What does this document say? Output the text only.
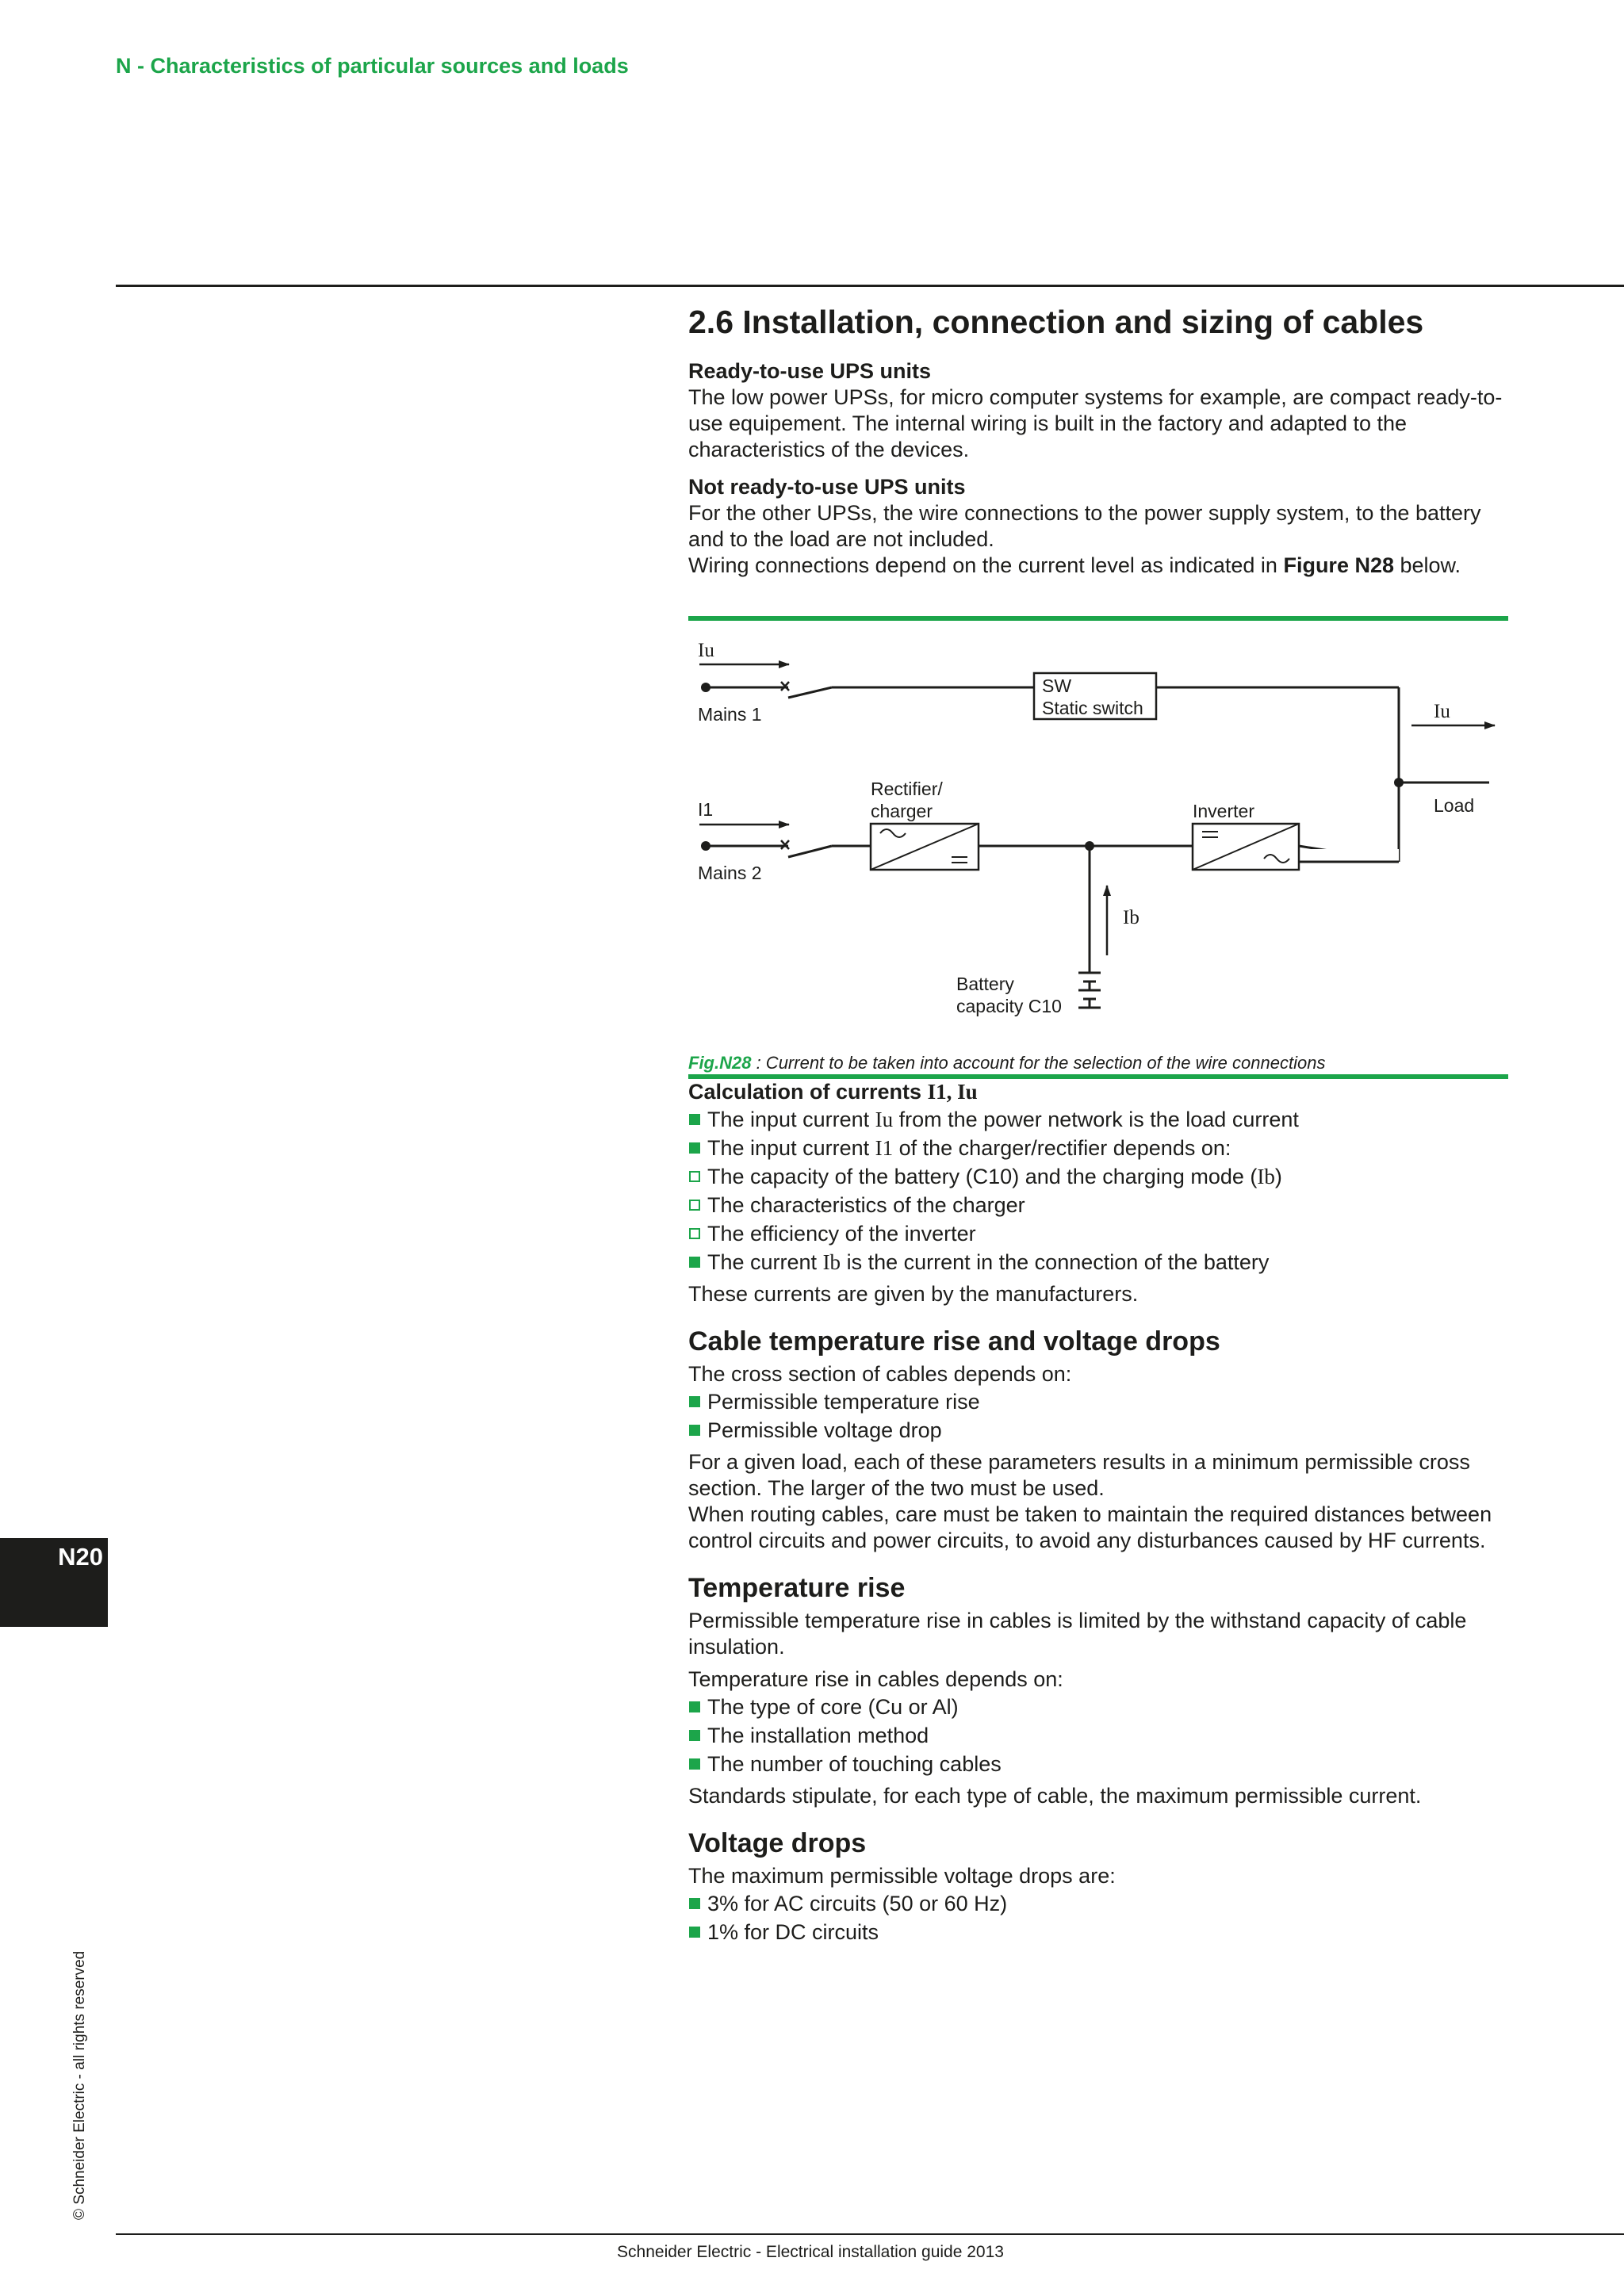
N - Characteristics of particular sources and loads
2.6 Installation, connection and sizing of cables

Ready-to-use UPS units

The low power UPSs, for micro computer systems for example, are compact ready-to-use equipement. The internal wiring is built in the factory and adapted to the characteristics of the devices.

Not ready-to-use UPS units

For the other UPSs, the wire connections to the power supply system, to the battery and to the load are not included.

Wiring connections depend on the current level as indicated in Figure N28 below.

Iu
Mains 1
SW
Static switch	Iu
Load
I1
Rectifier/
charger	Inverter
Mains 2
Ib
Battery
capacity C10

Fig.N28 : Current to be taken into account for the selection of the wire connections

Calculation of currents I1, Iu

The input current Iu from the power network is the load current
The input current I1 of the charger/rectifier depends on:
The capacity of the battery (C10) and the charging mode (Ib)
The characteristics of the charger
The efficiency of the inverter
The current Ib is the current in the connection of the battery

These currents are given by the manufacturers.

Cable temperature rise and voltage drops

The cross section of cables depends on:

Permissible temperature rise
Permissible voltage drop

For a given load, each of these parameters results in a minimum permissible cross section. The larger of the two must be used.

When routing cables, care must be taken to maintain the required distances between control circuits and power circuits, to avoid any disturbances caused by HF currents.

Temperature rise

Permissible temperature rise in cables is limited by the withstand capacity of cable insulation.

Temperature rise in cables depends on:

The type of core (Cu or Al)
The installation method
The number of touching cables

Standards stipulate, for each type of cable, the maximum permissible current.

Voltage drops

The maximum permissible voltage drops are:

3% for AC circuits (50 or 60 Hz)
1% for DC circuits
N20
© Schneider Electric - all rights reserved
Schneider Electric - Electrical installation guide 2013
